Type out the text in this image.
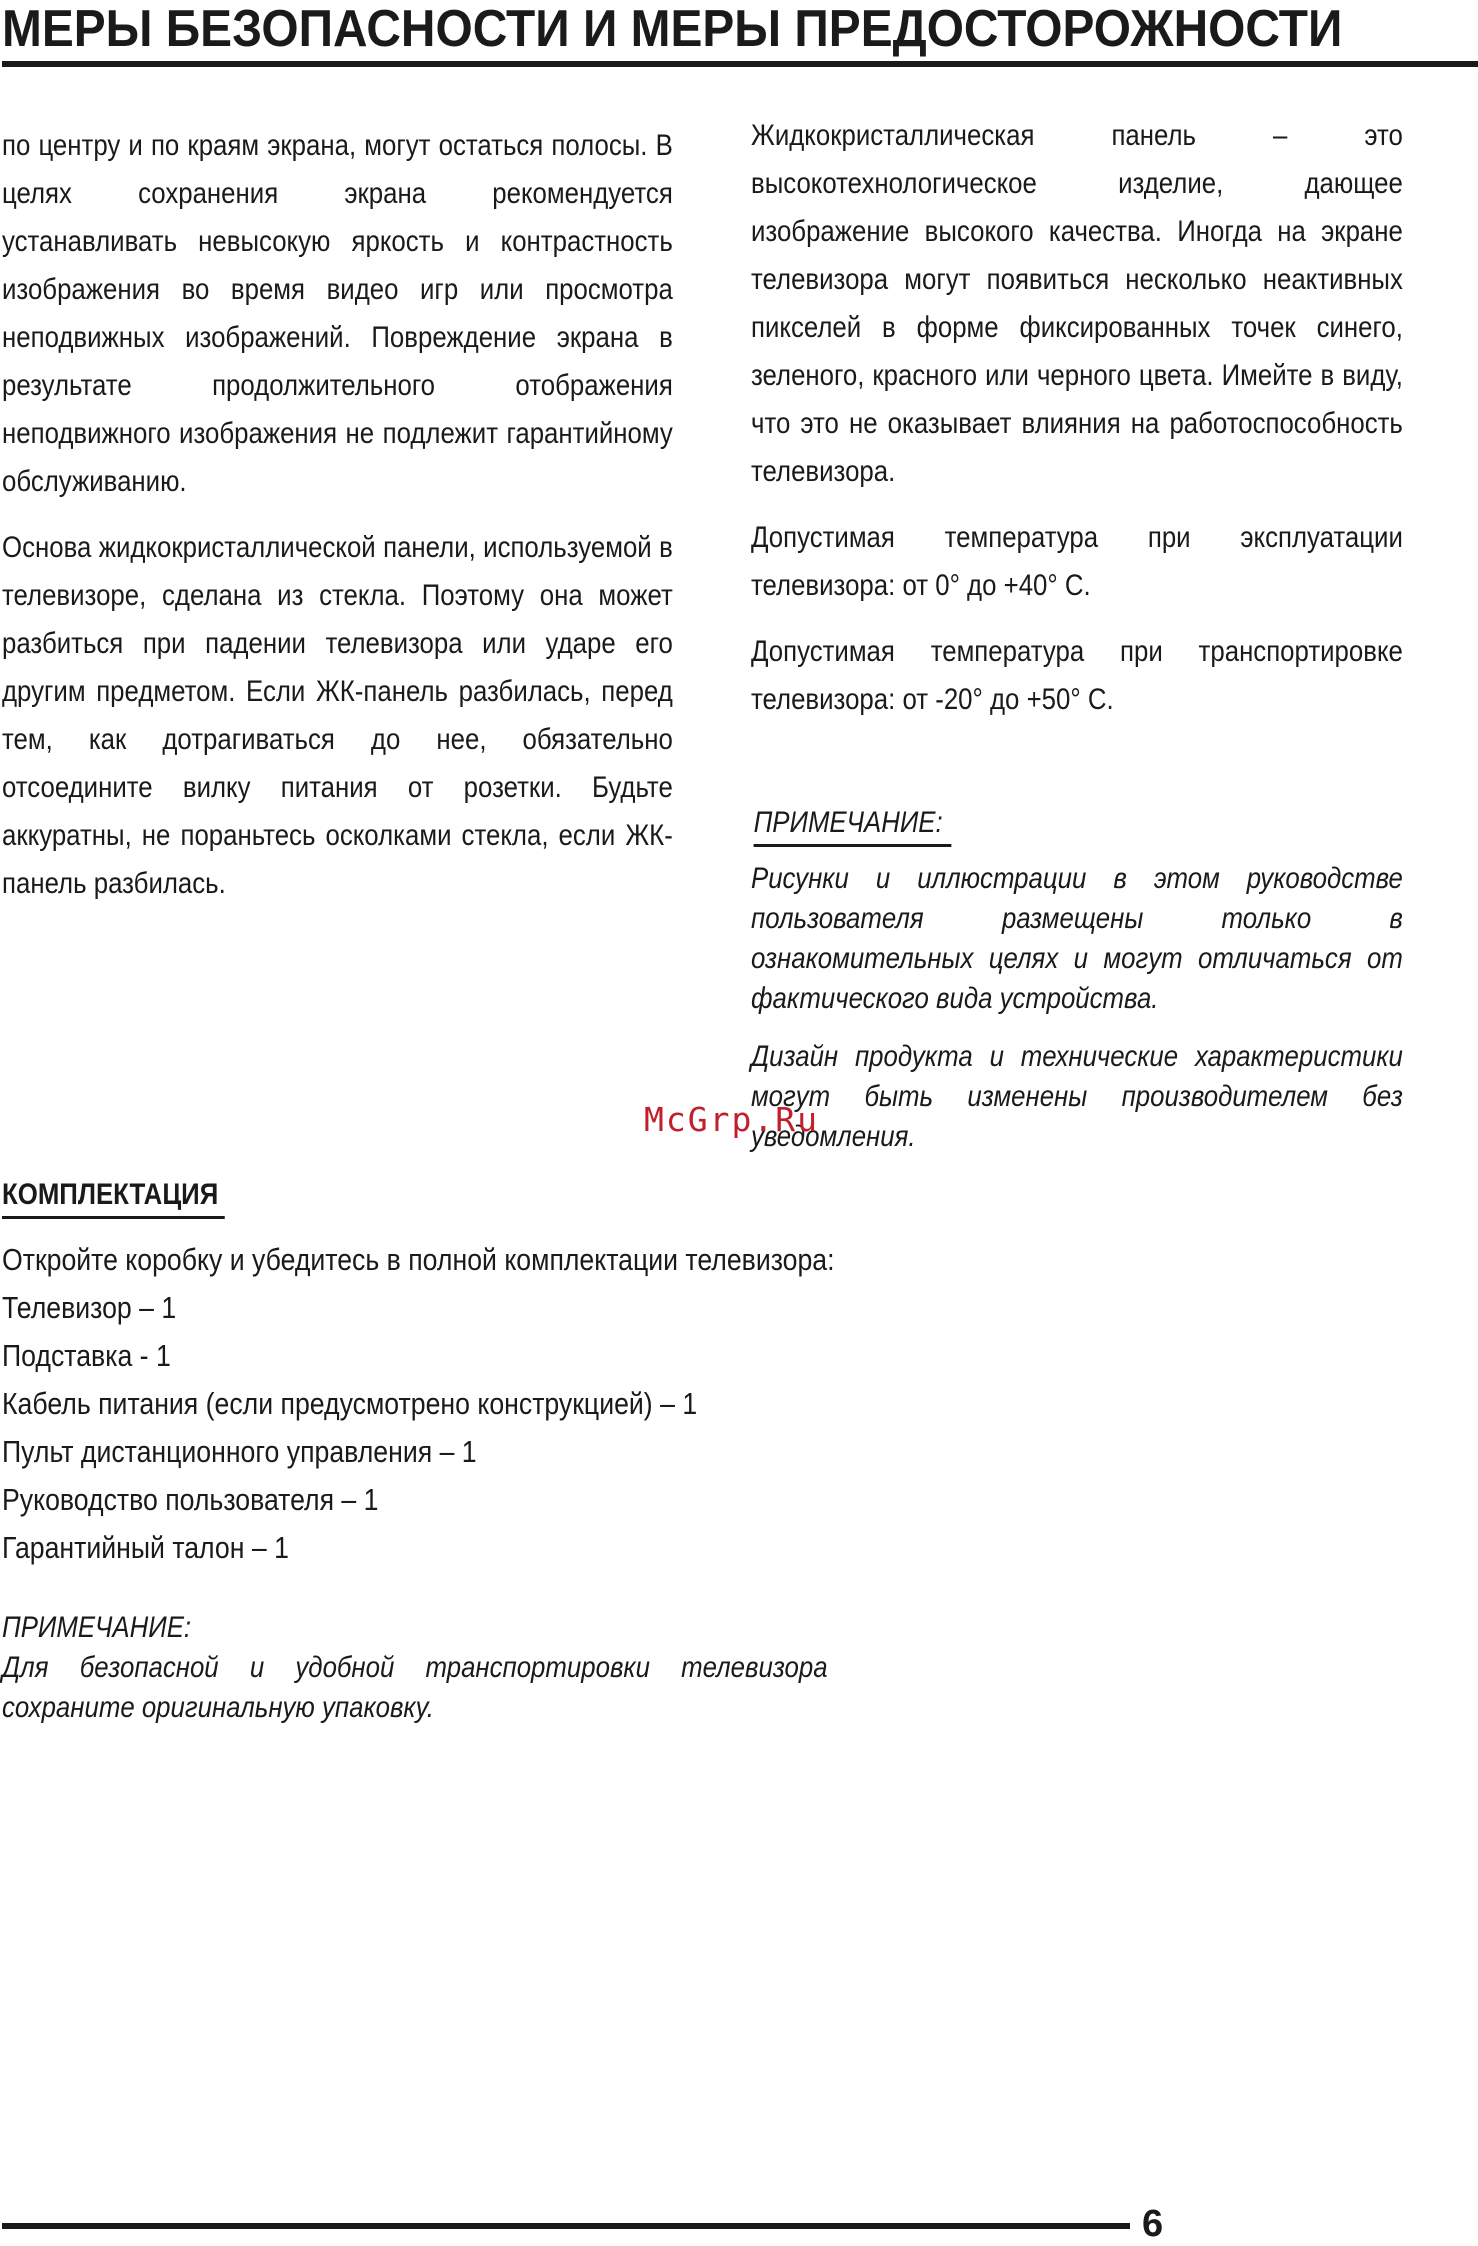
МЕРЫ БЕЗОПАСНОСТИ И МЕРЫ ПРЕДОСТОРОЖНОСТИ

по центру и по краям экрана, могут остаться полосы. В целях сохранения экрана рекомендуется устанавливать невысокую яркость и контрастность изображения во время видео игр или просмотра неподвижных изображений. Повреждение экрана в результате продолжительного отображения неподвижного изображения не подлежит гарантийному обслуживанию.

Основа жидкокристаллической панели, используемой в телевизоре, сделана из стекла. Поэтому она может разбиться при падении телевизора или ударе его другим предметом. Если ЖК-панель разбилась, перед тем, как дотрагиваться до нее, обязательно отсоедините вилку питания от розетки. Будьте аккуратны, не пораньтесь осколками стекла, если ЖК-панель разбилась.

Жидкокристаллическая панель – это высокотехнологическое изделие, дающее изображение высокого качества. Иногда на экране телевизора могут появиться несколько неактивных пикселей в форме фиксированных точек синего, зеленого, красного или черного цвета. Имейте в виду, что это не оказывает влияния на работоспособность телевизора.

Допустимая температура при эксплуатации телевизора: от 0° до +40° C.

Допустимая температура при транспортировке телевизора: от -20° до +50° C.

ПРИМЕЧАНИЕ:

Рисунки и иллюстрации в этом руководстве пользователя размещены только в ознакомительных целях и могут отличаться от фактического вида устройства.

Дизайн продукта и технические характеристики могут быть изменены производителем без уведомления.

McGrp.Ru
КОМПЛЕКТАЦИЯ
Откройте коробку и убедитесь в полной комплектации телевизора:
Телевизор – 1
Подставка - 1
Кабель питания (если предусмотрено конструкцией) – 1
Пульт дистанционного управления – 1
Руководство пользователя – 1
Гарантийный талон – 1
ПРИМЕЧАНИЕ:

Для безопасной и удобной транспортировки телевизора сохраните оригинальную упаковку.

6
